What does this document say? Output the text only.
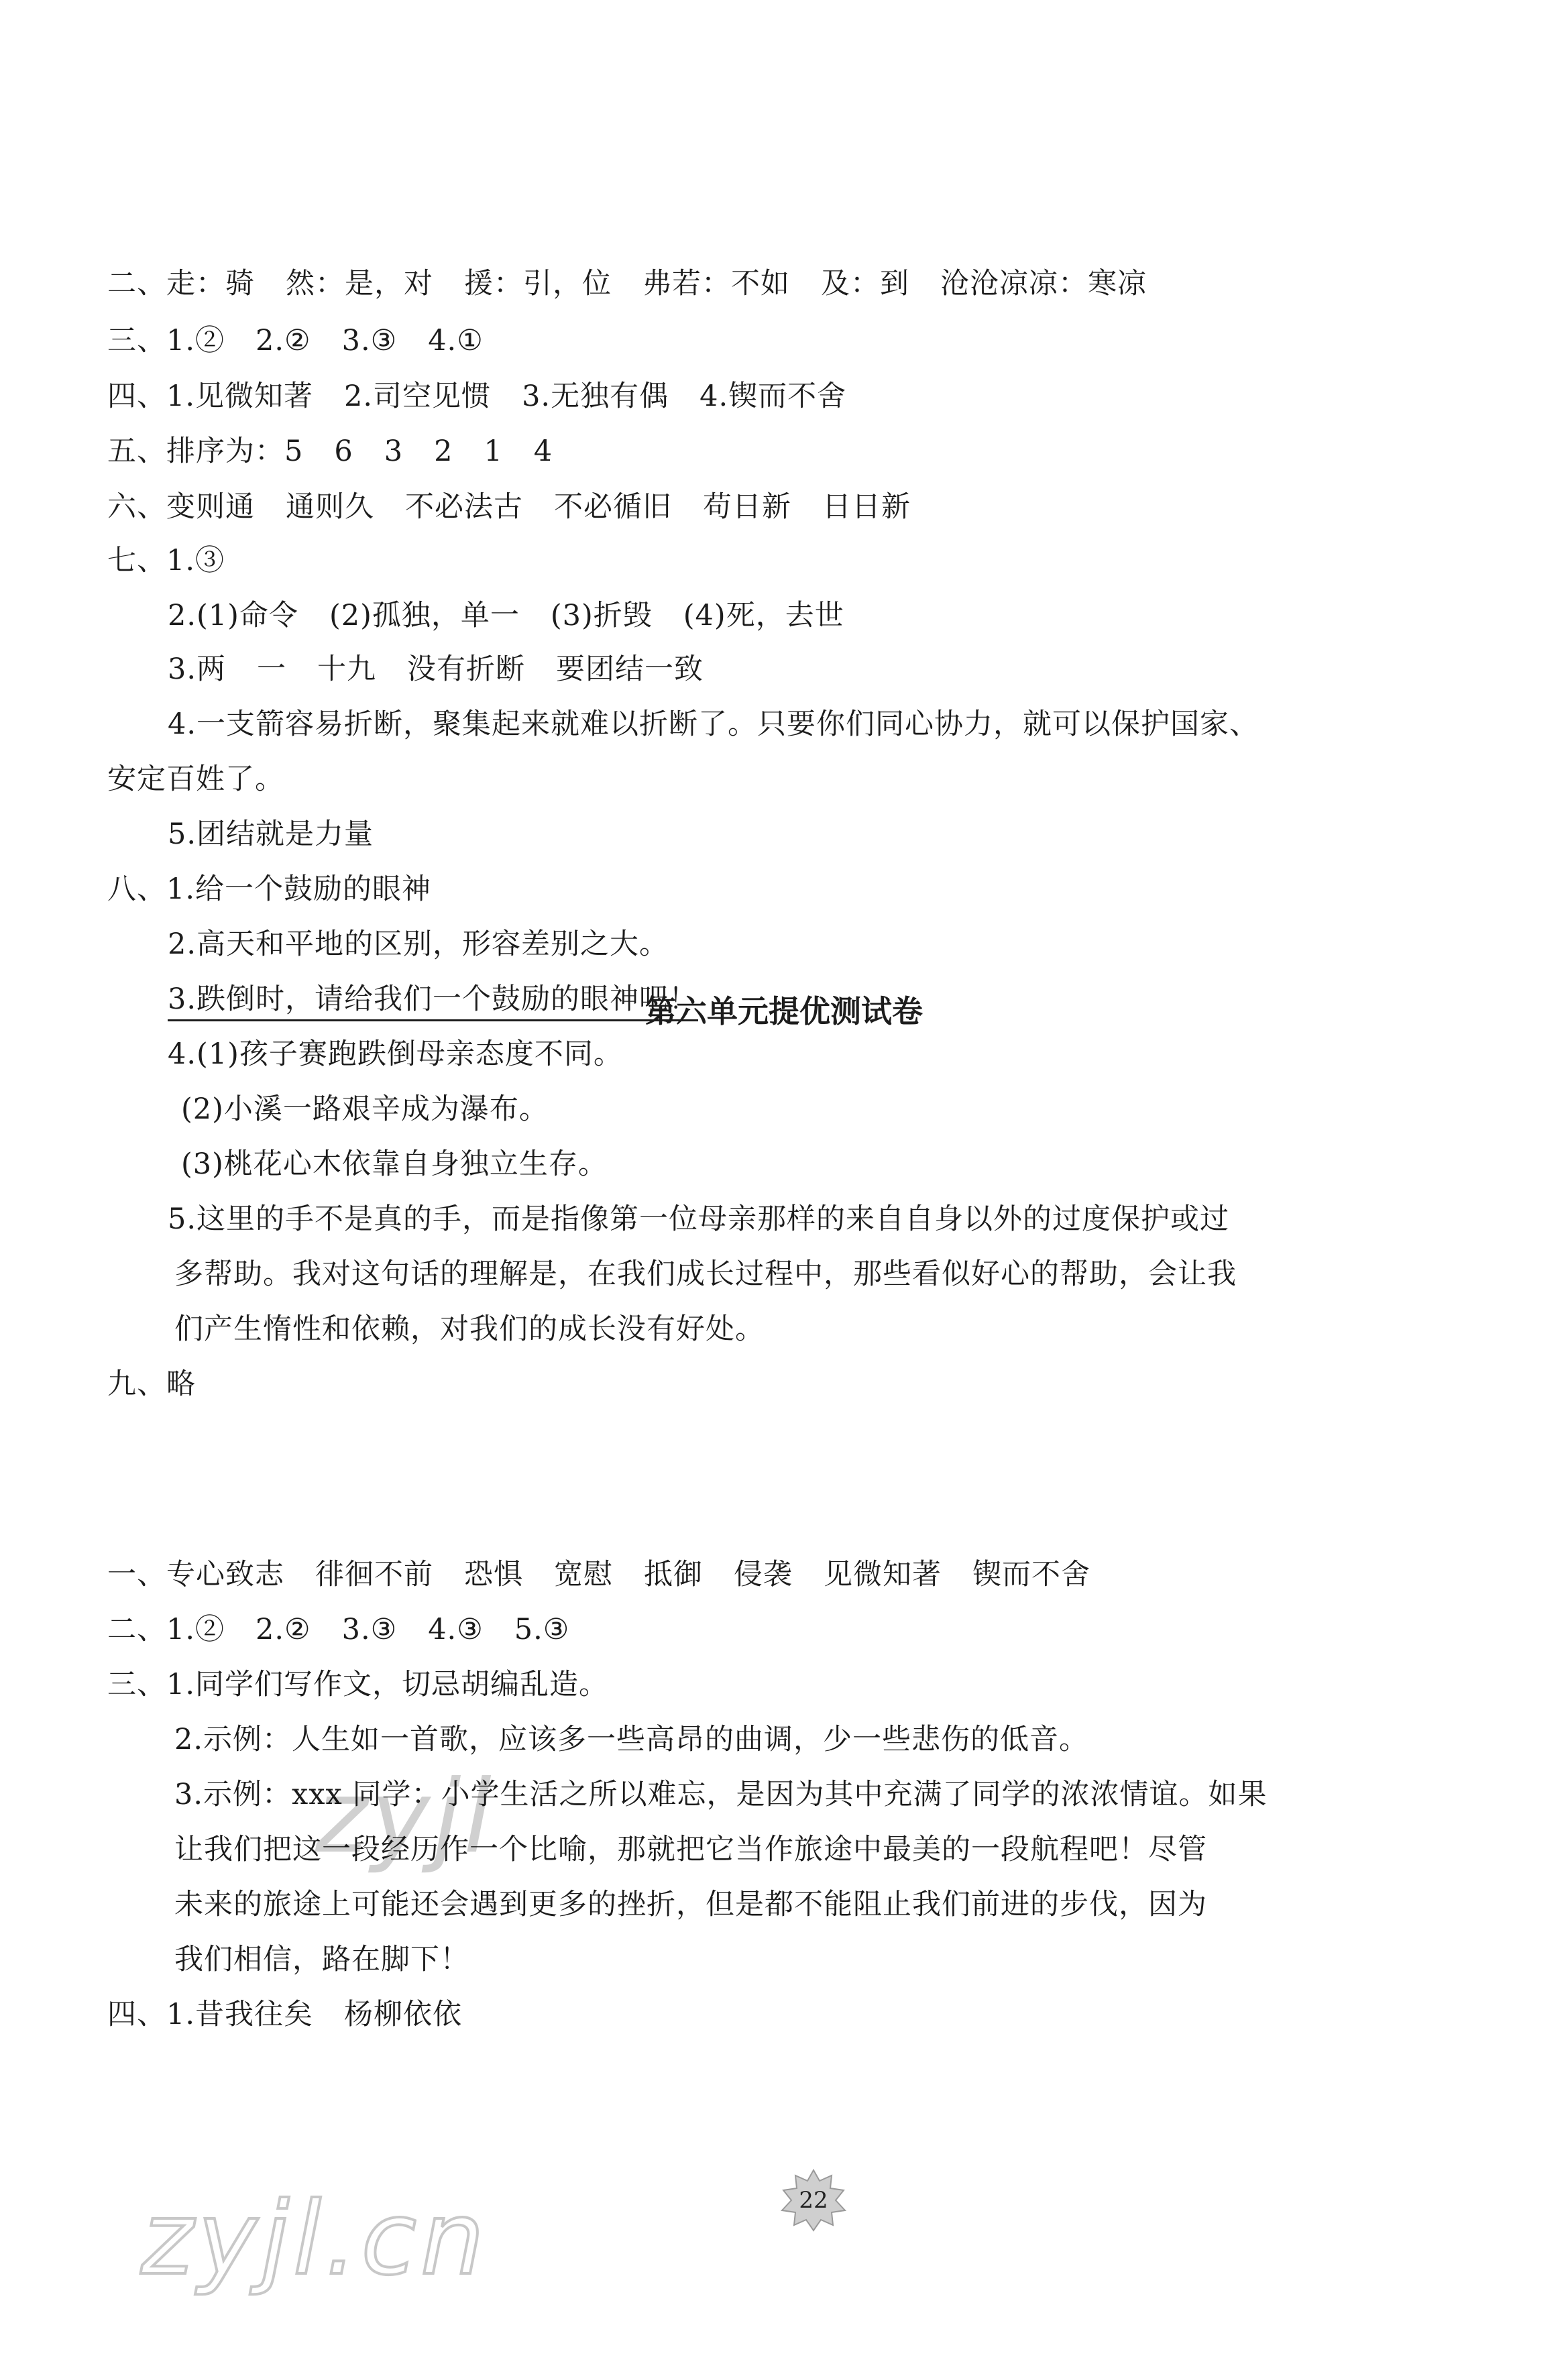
二、走：骑 然：是，对 援：引，位 弗若：不如 及：到 沧沧凉凉：寒凉

三、1.② 2.② 3.③ 4.①

四、1.见微知著 2.司空见惯 3.无独有偶 4.锲而不舍

五、排序为：5 6 3 2 1 4

六、变则通 通则久 不必法古 不必循旧 苟日新 日日新

七、1.③

2.(1)命令 (2)孤独，单一 (3)折毁 (4)死，去世

3.两 一 十九 没有折断 要团结一致

4.一支箭容易折断，聚集起来就难以折断了。只要你们同心协力，就可以保护国家、

安定百姓了。

5.团结就是力量

八、1.给一个鼓励的眼神

2.高天和平地的区别，形容差别之大。

3.跌倒时，请给我们一个鼓励的眼神吧！

4.(1)孩子赛跑跌倒母亲态度不同。

(2)小溪一路艰辛成为瀑布。

(3)桃花心木依靠自身独立生存。

5.这里的手不是真的手，而是指像第一位母亲那样的来自自身以外的过度保护或过

多帮助。我对这句话的理解是，在我们成长过程中，那些看似好心的帮助，会让我

们产生惰性和依赖，对我们的成长没有好处。

九、略

一、专心致志 徘徊不前 恐惧 宽慰 抵御 侵袭 见微知著 锲而不舍

二、1.② 2.② 3.③ 4.③ 5.③

三、1.同学们写作文，切忌胡编乱造。

2.示例：人生如一首歌，应该多一些高昂的曲调，少一些悲伤的低音。

3.示例：xxx 同学：小学生活之所以难忘，是因为其中充满了同学的浓浓情谊。如果

让我们把这一段经历作一个比喻，那就把它当作旅途中最美的一段航程吧！尽管

未来的旅途上可能还会遇到更多的挫折，但是都不能阻止我们前进的步伐，因为

我们相信，路在脚下！

四、1.昔我往矣 杨柳依依

第六单元提优测试卷
zyjl
22
zyjl.cn
